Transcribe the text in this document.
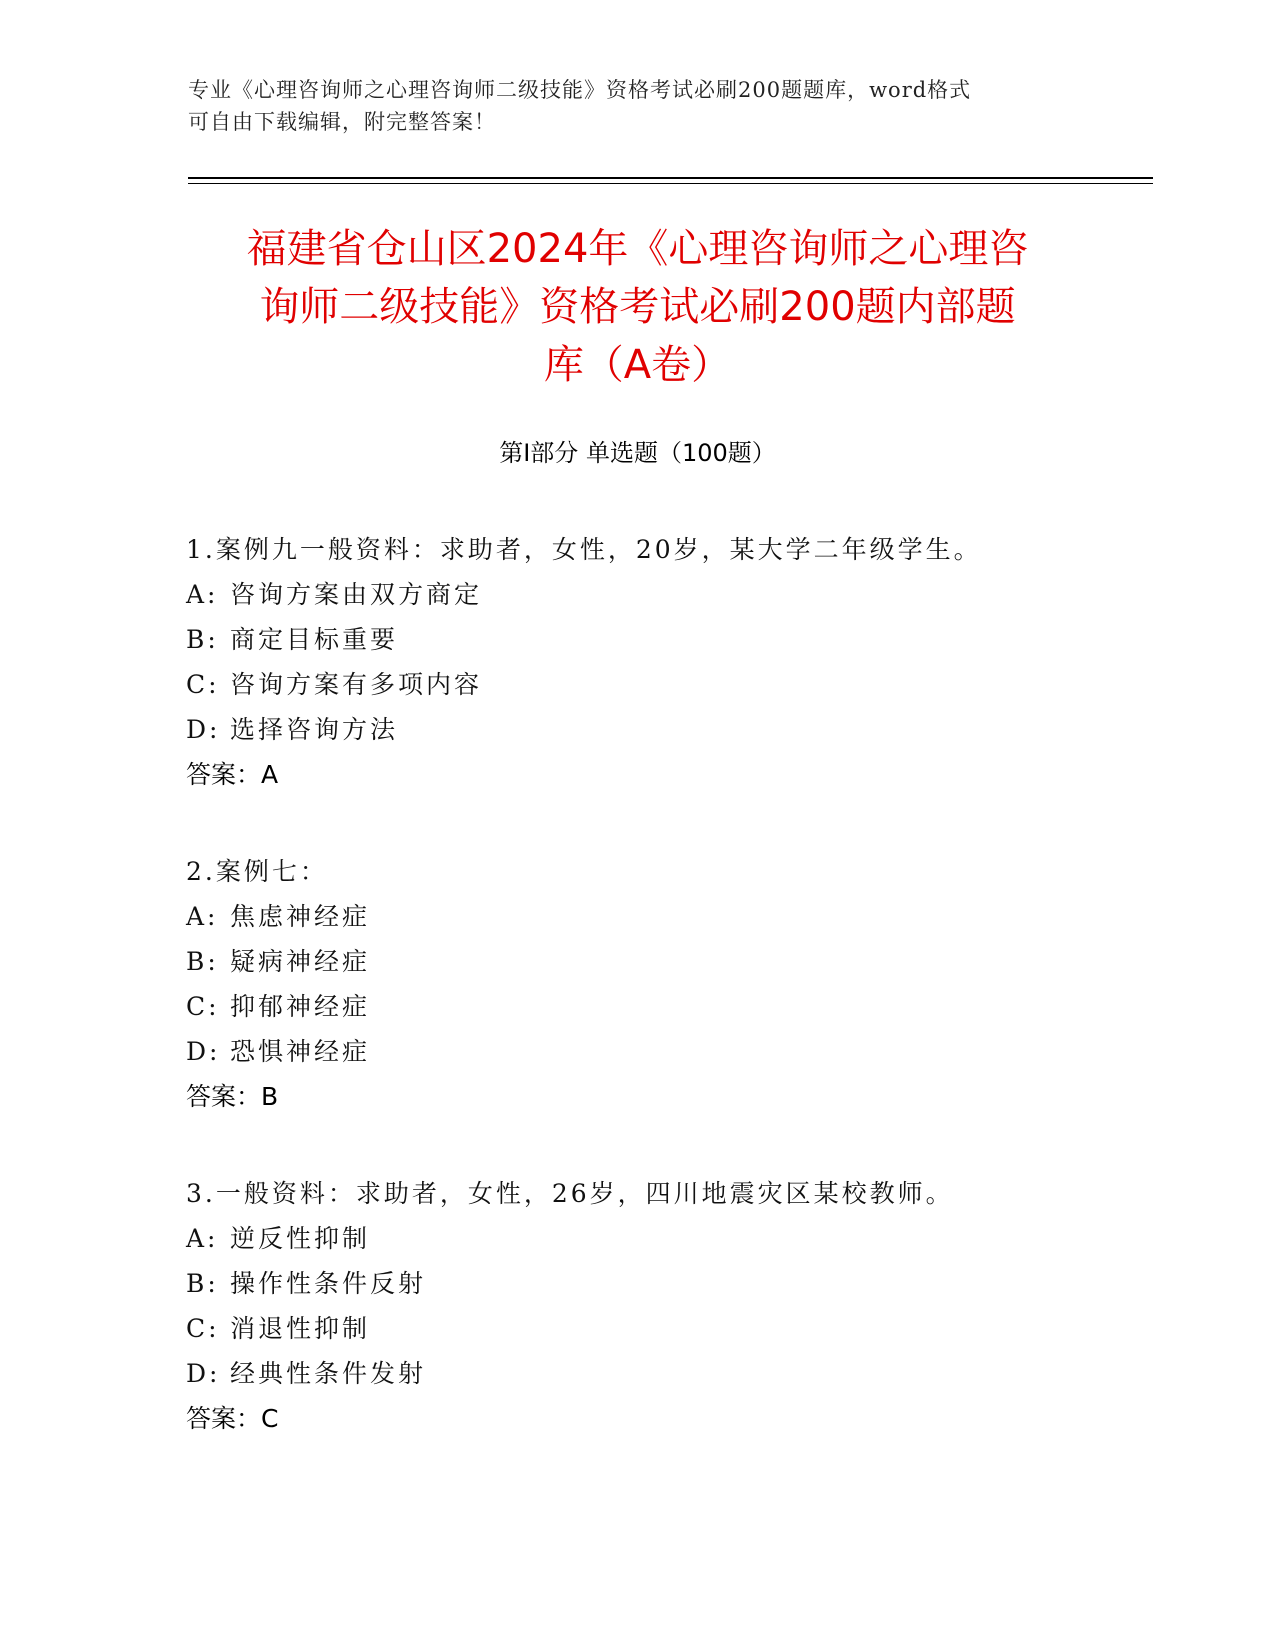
专业《心理咨询师之心理咨询师二级技能》资格考试必刷200题题库，word格式
可自由下载编辑，附完整答案！
福建省仓山区2024年《心理咨询师之心理咨
询师二级技能》资格考试必刷200题内部题
库（A卷）
第Ⅰ部分 单选题（100题）
1.案例九一般资料：求助者，女性，20岁，某大学二年级学生。
A: 咨询方案由双方商定
B: 商定目标重要
C: 咨询方案有多项内容
D: 选择咨询方法
答案：A
2.案例七：
A: 焦虑神经症
B: 疑病神经症
C: 抑郁神经症
D: 恐惧神经症
答案：B
3.一般资料：求助者，女性，26岁，四川地震灾区某校教师。
A: 逆反性抑制
B: 操作性条件反射
C: 消退性抑制
D: 经典性条件发射
答案：C
